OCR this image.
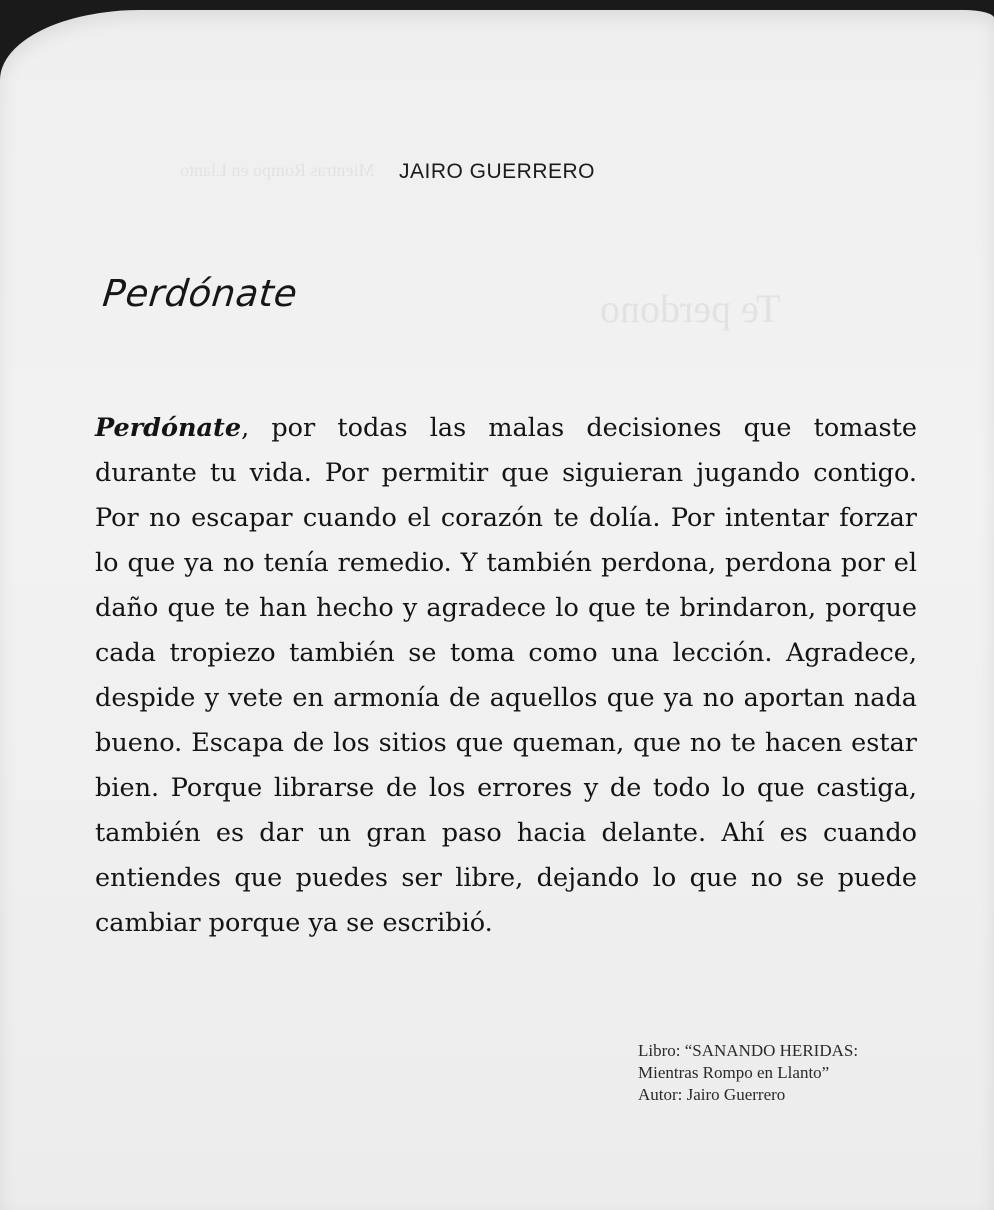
Te perdono
Mientras Rompo en Llanto	JAIRO GUERRERO
Perdónate
Perdónate, por todas las malas decisiones que tomaste durante tu vida. Por permitir que siguieran jugando contigo. Por no escapar cuando el corazón te dolía. Por intentar forzar lo que ya no tenía remedio. Y también perdona, perdona por el daño que te han hecho y agradece lo que te brindaron, porque cada tropiezo también se toma como una lección. Agradece, despide y vete en armonía de aquellos que ya no aportan nada bueno. Escapa de los sitios que queman, que no te hacen estar bien. Porque librarse de los errores y de todo lo que castiga, también es dar un gran paso hacia delante. Ahí es cuando entiendes que puedes ser libre, dejando lo que no se puede cambiar porque ya se escribió.
Libro: “SANANDO HERIDAS:
Mientras Rompo en Llanto”
Autor: Jairo Guerrero
